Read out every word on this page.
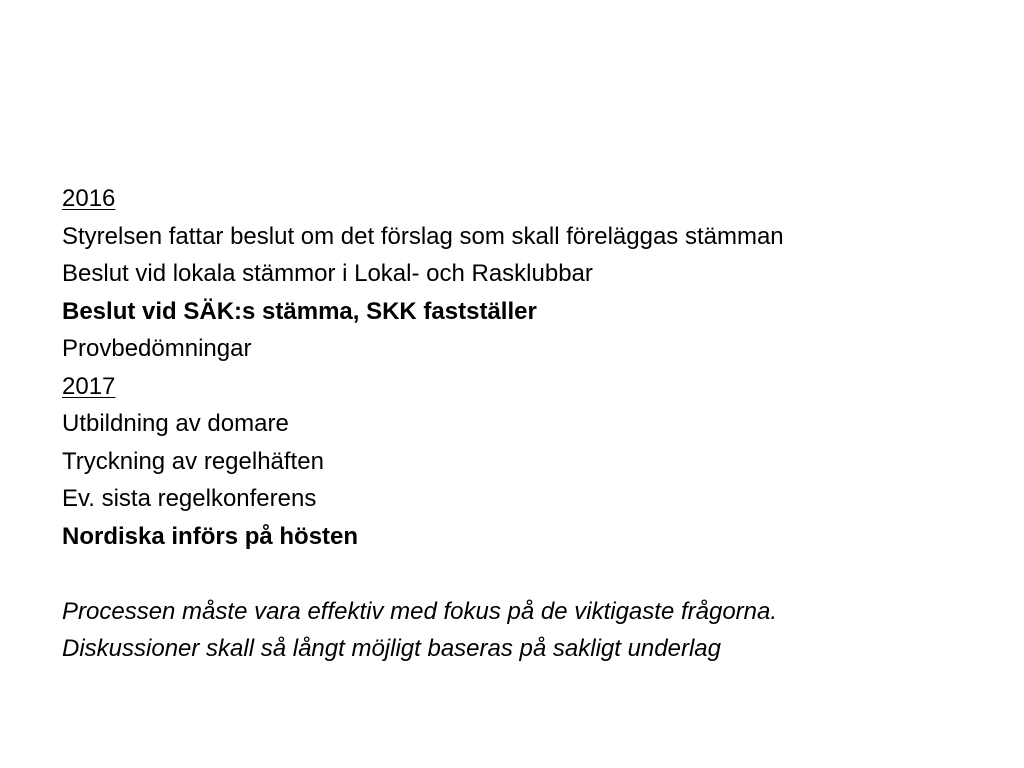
2016
Styrelsen fattar beslut om det förslag som skall föreläggas stämman
Beslut vid lokala stämmor i Lokal- och Rasklubbar
Beslut vid SÄK:s stämma, SKK fastställer
Provbedömningar
2017
Utbildning av domare
Tryckning av regelhäften
Ev. sista regelkonferens
Nordiska införs på hösten
Processen måste vara effektiv med fokus på de viktigaste frågorna.
Diskussioner skall så långt möjligt baseras på sakligt underlag
